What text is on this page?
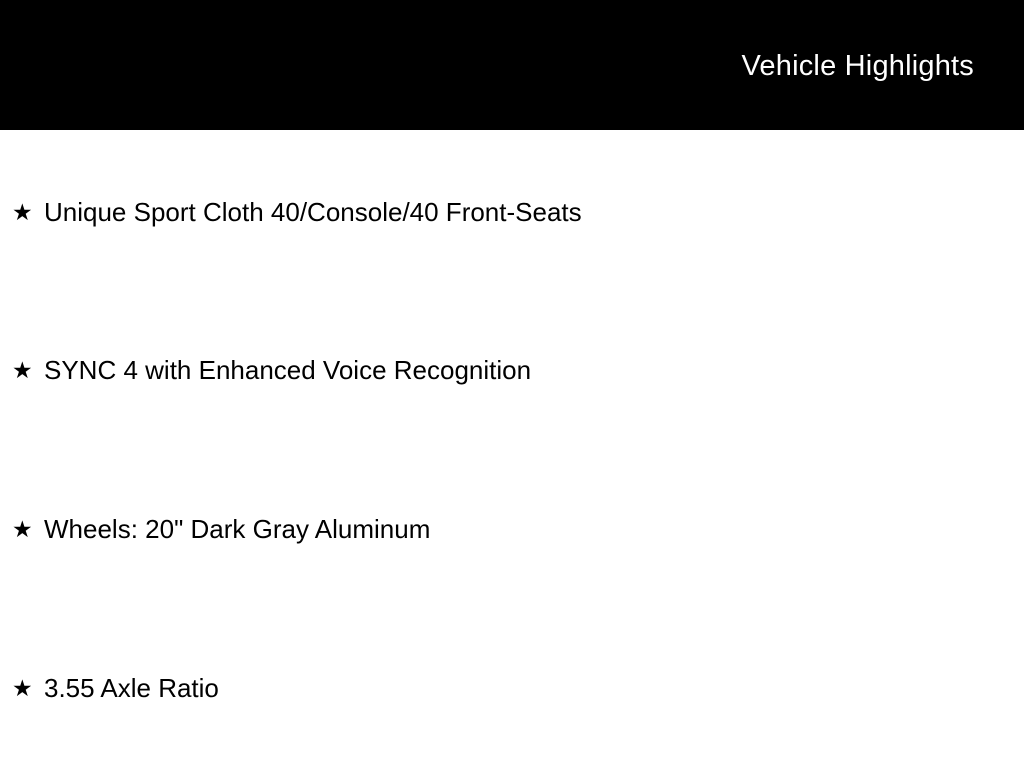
Vehicle Highlights
★ Unique Sport Cloth 40/Console/40 Front-Seats
★ SYNC 4 with Enhanced Voice Recognition
★ Wheels: 20" Dark Gray Aluminum
★ 3.55 Axle Ratio
